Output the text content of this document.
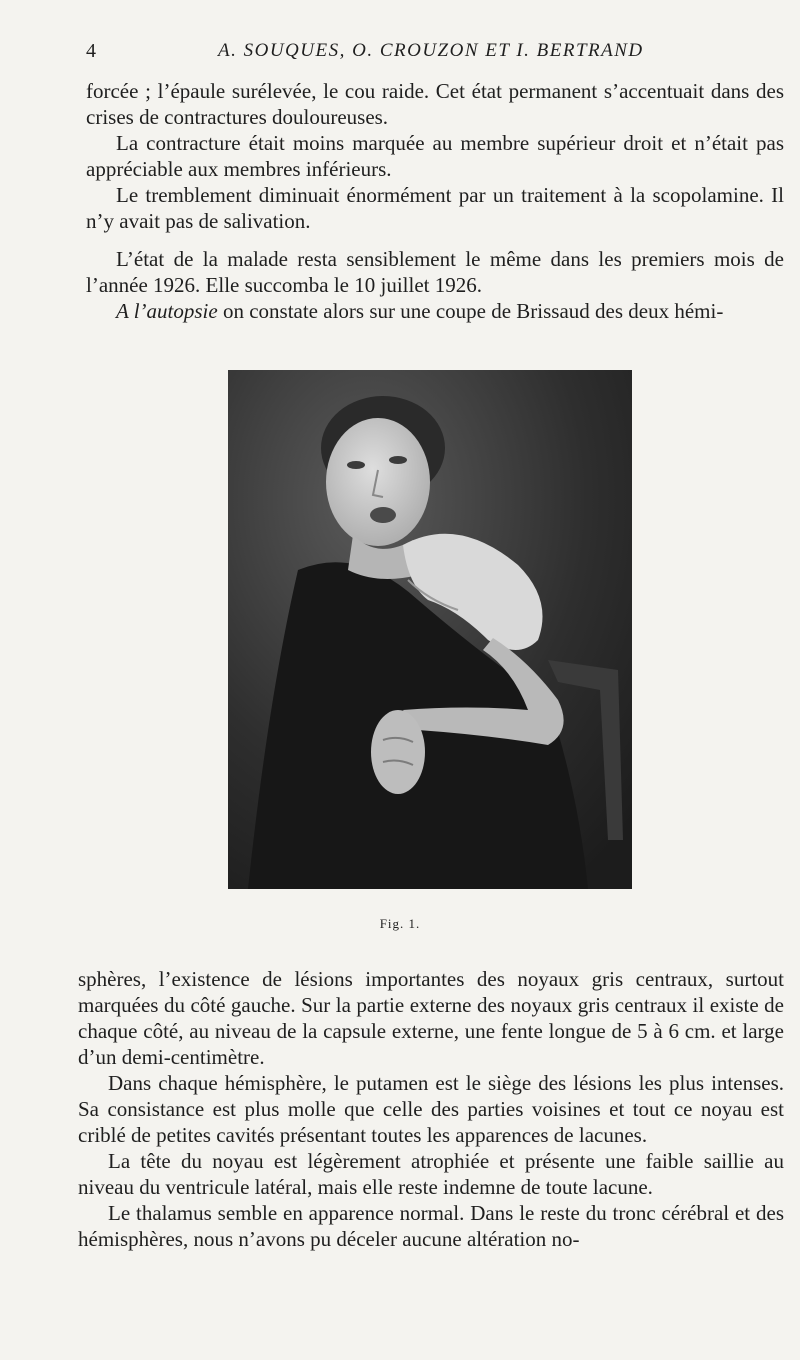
4	A. SOUQUES, O. CROUZON ET I. BERTRAND

forcée ; l’épaule surélevée, le cou raide. Cet état permanent s’accentuait dans des crises de contractures douloureuses.

La contracture était moins marquée au membre supérieur droit et n’était pas appréciable aux membres inférieurs.

Le tremblement diminuait énormément par un traitement à la scopolamine. Il n’y avait pas de salivation.

L’état de la malade resta sensiblement le même dans les premiers mois de l’année 1926. Elle succomba le 10 juillet 1926.

A l’autopsie on constate alors sur une coupe de Brissaud des deux hémi-

Fig. 1.

sphères, l’existence de lésions importantes des noyaux gris centraux, surtout marquées du côté gauche. Sur la partie externe des noyaux gris centraux il existe de chaque côté, au niveau de la capsule externe, une fente longue de 5 à 6 cm. et large d’un demi-centimètre.

Dans chaque hémisphère, le putamen est le siège des lésions les plus intenses. Sa consistance est plus molle que celle des parties voisines et tout ce noyau est criblé de petites cavités présentant toutes les apparences de lacunes.

La tête du noyau est légèrement atrophiée et présente une faible saillie au niveau du ventricule latéral, mais elle reste indemne de toute lacune.

Le thalamus semble en apparence normal. Dans le reste du tronc cérébral et des hémisphères, nous n’avons pu déceler aucune altération no-
